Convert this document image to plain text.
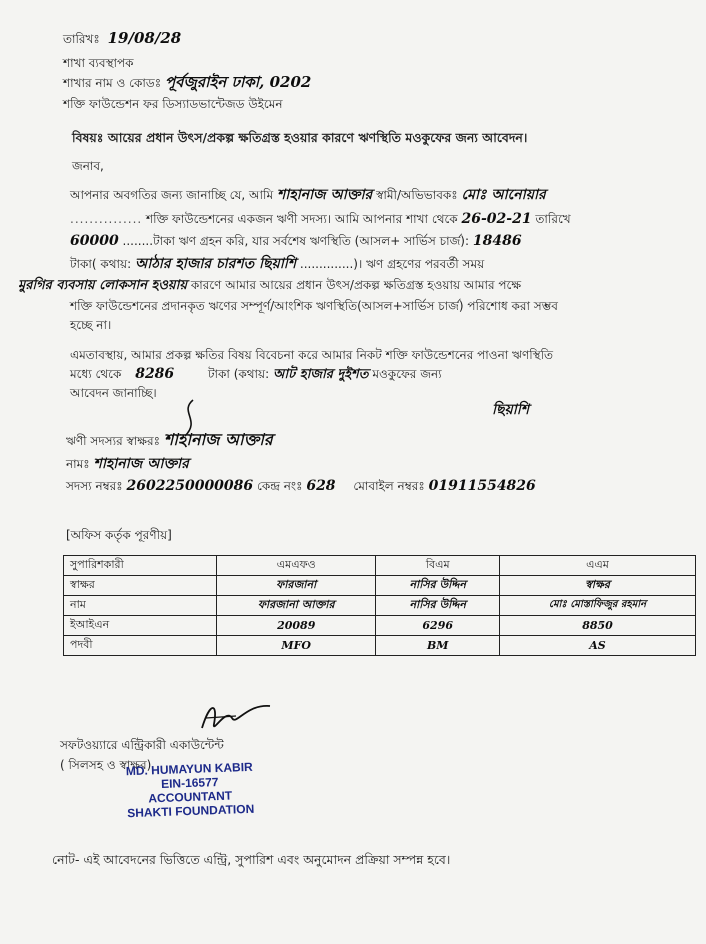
তারিখঃ 19/08/28
শাখা ব্যবস্থাপক
শাখার নাম ও কোডঃ পূর্বজুরাইন ঢাকা, 0202
শক্তি ফাউন্ডেশন ফর ডিস্যাডভান্টেজড উইমেন
বিষয়ঃ আয়ের প্রধান উৎস/প্রকল্প ক্ষতিগ্রস্ত হওয়ার কারণে ঋণস্থিতি মওকুফের জন্য আবেদন।
জনাব,
আপনার অবগতির জন্য জানাচ্ছি যে, আমি শাহানাজ আক্তার স্বামী/অভিভাবকঃ মোঃ আনোয়ার
............... শক্তি ফাউন্ডেশনের একজন ঋণী সদস্য। আমি আপনার শাখা থেকে 26-02-21 তারিখে
60000 ........টাকা ঋণ গ্রহন করি, যার সর্বশেষ ঋণস্থিতি (আসল+ সার্ভিস চার্জ): 18486
টাকা( কথায়: আঠার হাজার চারশত ছিয়াশি ..............)। ঋণ গ্রহণের পরবর্তী সময়
মুরগির ব্যবসায় লোকসান হওয়ায় কারণে আমার আয়ের প্রধান উৎস/প্রকল্প ক্ষতিগ্রস্ত হওয়ায় আমার পক্ষে
শক্তি ফাউন্ডেশনের প্রদানকৃত ঋণের সম্পূর্ণ/আংশিক ঋণস্থিতি(আসল+সার্ভিস চার্জ) পরিশোধ করা সম্ভব
হচ্ছে না।
এমতাবস্থায়, আমার প্রকল্প ক্ষতির বিষয় বিবেচনা করে আমার নিকট শক্তি ফাউন্ডেশনের পাওনা ঋণস্থিতি
মধ্যে থেকে 8286	টাকা (কথায়: আট হাজার দুইশত মওকুফের জন্য
আবেদন জানাচ্ছি।
ছিয়াশি
ঋণী সদস্যর স্বাক্ষরঃ শাহানাজ আক্তার
নামঃ শাহানাজ আক্তার
সদস্য নম্বরঃ 2602250000086 কেন্দ্র নংঃ 628 মোবাইল নম্বরঃ 01911554826
[অফিস কর্তৃক পূরণীয়]
সুপারিশকারী	এমএফও	বিএম	এএম
স্বাক্ষর	ফারজানা	নাসির উদ্দিন	স্বাক্ষর
নাম	ফারজানা আক্তার	নাসির উদ্দিন	মোঃ মোস্তাফিজুর রহমান
ইআইএন	20089	6296	8850
পদবী	MFO	BM	AS
সফটওয়্যারে এন্ট্রিকারী একাউন্টেন্ট
( সিলসহ ও স্বাক্ষর)
MD. HUMAYUN KABIR
EIN-16577
ACCOUNTANT
SHAKTI FOUNDATION
নোট- এই আবেদনের ভিত্তিতে এন্ট্রি, সুপারিশ এবং অনুমোদন প্রক্রিয়া সম্পন্ন হবে।
